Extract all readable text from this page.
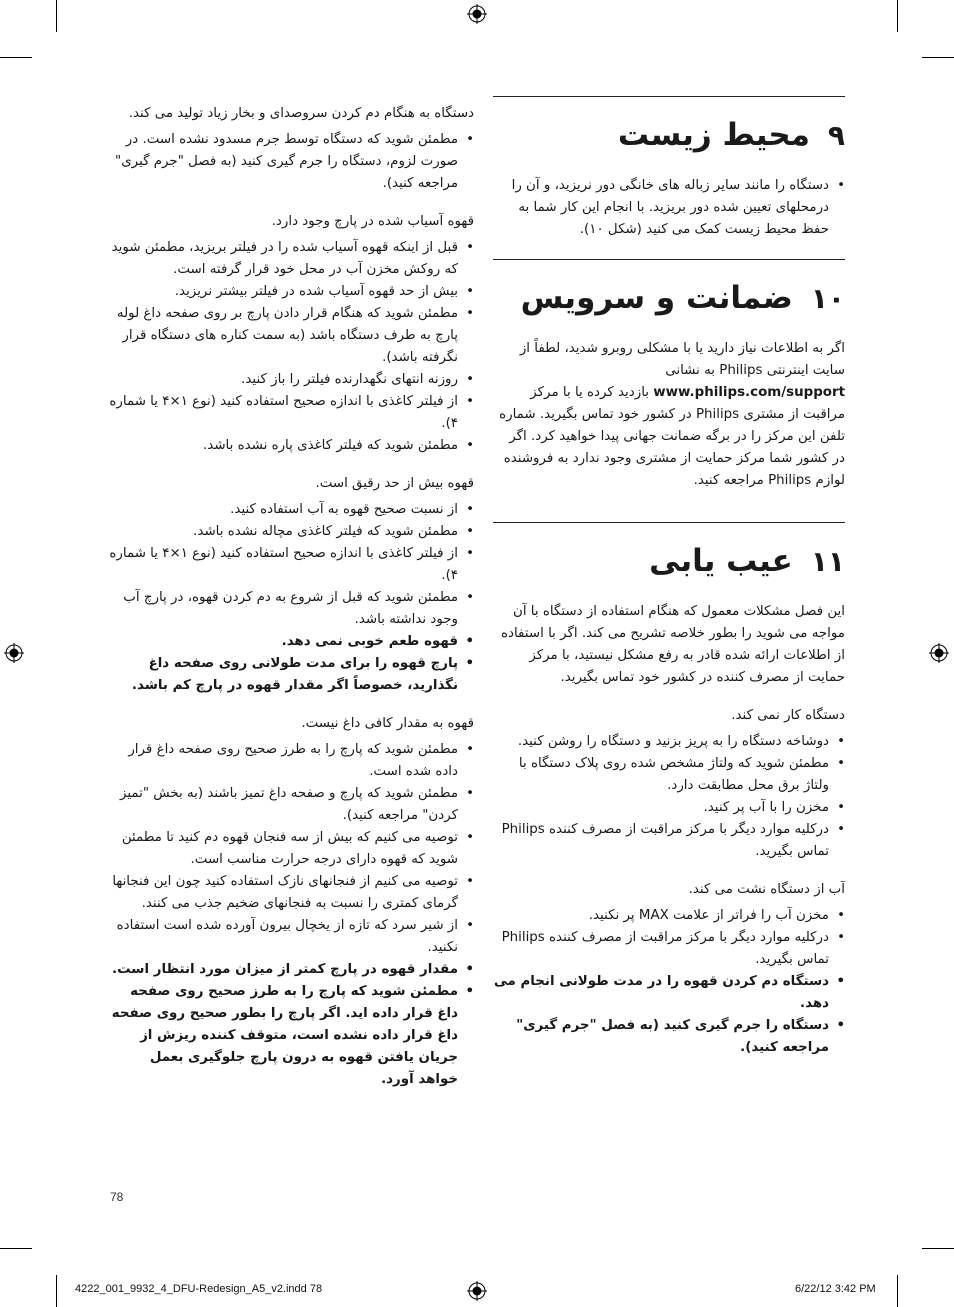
۹
محیط زیست
• دستگاه را مانند سایر زباله های خانگی دور نریزید، و آن را درمحلهای تعیین شده دور بریزید. با انجام این کار شما به حفظ محیط زیست کمک می کنید (شکل ۱۰).
۱۰
ضمانت و سرویس

اگر به اطلاعات نیاز دارید یا با مشکلی روبرو شدید، لطفاً از سایت اینترنتی Philips به نشانی www.philips.com/support بازدید کرده یا با مرکز مراقبت از مشتری Philips در کشور خود تماس بگیرید. شماره تلفن این مرکز را در برگه ضمانت جهانی پیدا خواهید کرد. اگر در کشور شما مرکز حمایت از مشتری وجود ندارد به فروشنده لوازم Philips مراجعه کنید.

۱۱
عیب یابی

این فصل مشکلات معمول که هنگام استفاده از دستگاه با آن مواجه می شوید را بطور خلاصه تشریح می کند. اگر با استفاده از اطلاعات ارائه شده قادر به رفع مشکل نیستید، با مرکز حمایت از مصرف کننده در کشور خود تماس بگیرید.

دستگاه کار نمی کند.
• دوشاخه دستگاه را به پریز بزنید و دستگاه را روشن کنید.
• مطمئن شوید که ولتاژ مشخص شده روی پلاک دستگاه با ولتاژ برق محل مطابقت دارد.
• مخزن را با آب پر کنید.
• درکلیه موارد دیگر با مرکز مراقبت از مصرف کننده Philips تماس بگیرید.
آب از دستگاه نشت می کند.
• مخزن آب را فراتر از علامت MAX پر نکنید.
• درکلیه موارد دیگر با مرکز مراقبت از مصرف کننده Philips تماس بگیرید.
• دستگاه دم کردن قهوه را در مدت طولانی انجام می دهد.
• دستگاه را جرم گیری کنید (به فصل "جرم گیری" مراجعه کنید).
دستگاه به هنگام دم کردن سروصدای و بخار زیاد تولید می کند.
• مطمئن شوید که دستگاه توسط جرم مسدود نشده است. در صورت لزوم، دستگاه را جرم گیری کنید (به فصل "جرم گیری" مراجعه کنید).
قهوه آسیاب شده در پارچ وجود دارد.
• قبل از اینکه قهوه آسیاب شده را در فیلتر بریزید، مطمئن شوید که روکش مخزن آب در محل خود قرار گرفته است.
• بیش از حد قهوه آسیاب شده در فیلتر بیشتر نریزید.
• مطمئن شوید که هنگام قرار دادن پارچ بر روی صفحه داغ لوله پارچ به طرف دستگاه باشد (به سمت کناره های دستگاه قرار نگرفته باشد).
• روزنه انتهای نگهدارنده فیلتر را باز کنید.
• از فیلتر کاغذی با اندازه صحیح استفاده کنید (نوع ۱×۴ یا شماره ۴).
• مطمئن شوید که فیلتر کاغذی پاره نشده باشد.
قهوه بیش از حد رقیق است.
• از نسبت صحیح قهوه به آب استفاده کنید.
• مطمئن شوید که فیلتر کاغذی مچاله نشده باشد.
• از فیلتر کاغذی با اندازه صحیح استفاده کنید (نوع ۱×۴ یا شماره ۴).
• مطمئن شوید که قبل از شروع به دم کردن قهوه، در پارچ آب وجود نداشته باشد.
• قهوه طعم خوبی نمی دهد.
• پارچ قهوه را برای مدت طولانی روی صفحه داغ نگذارید، خصوصاً اگر مقدار قهوه در پارچ کم باشد.
قهوه به مقدار کافی داغ نیست.
• مطمئن شوید که پارچ را به طرز صحیح روی صفحه داغ قرار داده شده است.
• مطمئن شوید که پارچ و صفحه داغ تمیز باشند (به بخش "تمیز کردن" مراجعه کنید).
• توصیه می کنیم که بیش از سه فنجان قهوه دم کنید تا مطمئن شوید که قهوه دارای درجه حرارت مناسب است.
• توصیه می کنیم از فنجانهای نازک استفاده کنید چون این فنجانها گرمای کمتری را نسبت به فنجانهای ضخیم جذب می کنند.
• از شیر سرد که تازه از یخچال بیرون آورده شده است استفاده نکنید.
• مقدار قهوه در پارچ کمتر از میزان مورد انتظار است.
• مطمئن شوید که پارچ را به طرز صحیح روی صفحه داغ قرار داده اید. اگر پارچ را بطور صحیح روی صفحه داغ قرار داده نشده است، متوقف کننده ریزش از جریان یافتن قهوه به درون پارچ جلوگیری بعمل خواهد آورد.
78
4222_001_9932_4_DFU-Redesign_A5_v2.indd 78	6/22/12 3:42 PM
